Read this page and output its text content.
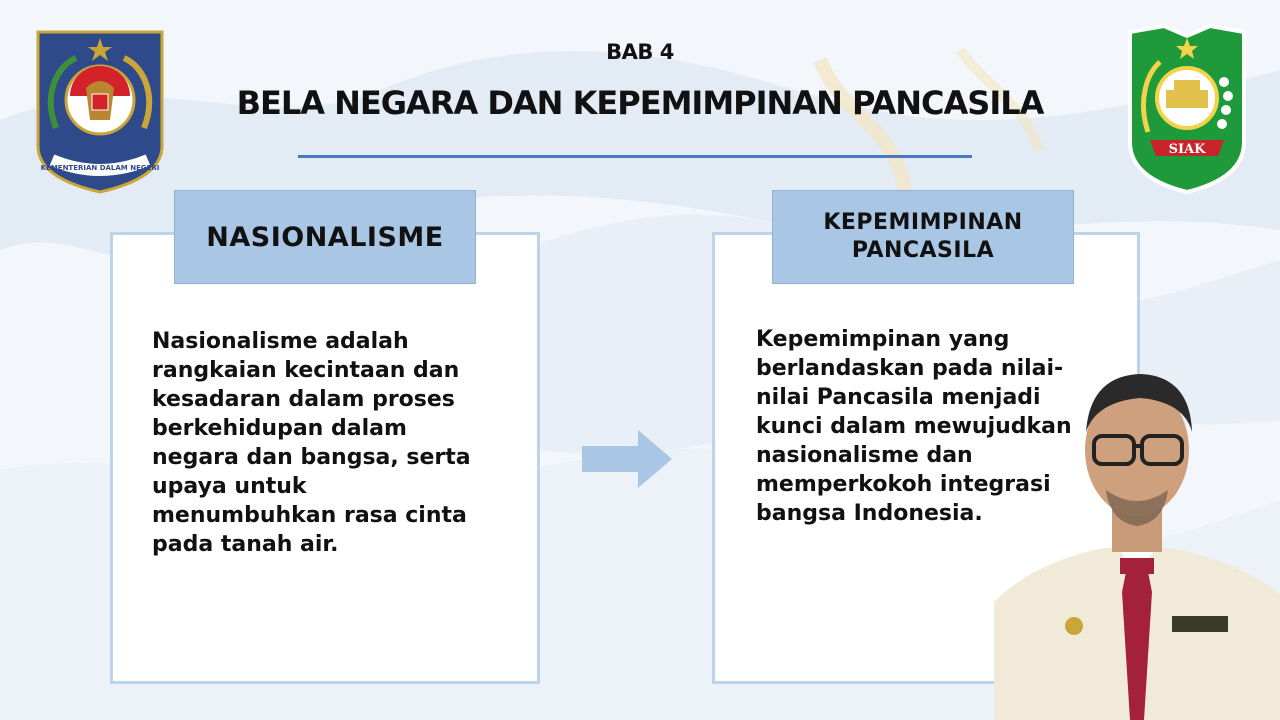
KEMENTERIAN DALAM NEGERI
BAB 4
BELA NEGARA DAN KEPEMIMPINAN PANCASILA
SIAK
NASIONALISME	KEPEMIMPINAN
PANCASILA
Nasionalisme adalah
rangkaian kecintaan dan
kesadaran dalam proses
berkehidupan dalam
negara dan bangsa, serta
upaya untuk
menumbuhkan rasa cinta
pada tanah air.
Kepemimpinan yang
berlandaskan pada nilai-
nilai Pancasila menjadi
kunci dalam mewujudkan
nasionalisme dan
memperkokoh integrasi
bangsa Indonesia.
